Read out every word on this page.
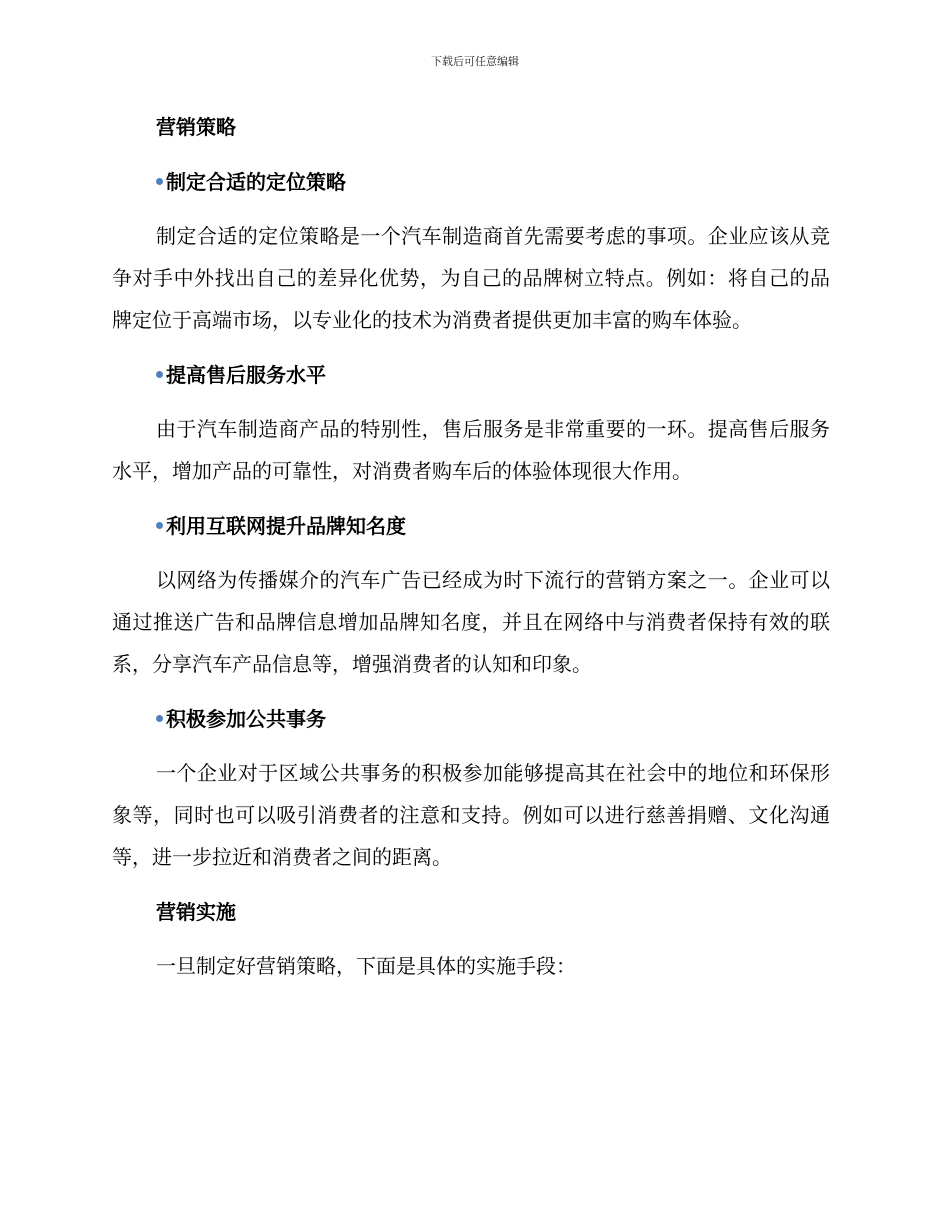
下载后可任意编辑
营销策略
制定合适的定位策略

制定合适的定位策略是一个汽车制造商首先需要考虑的事项。企业应该从竞争对手中外找出自己的差异化优势，为自己的品牌树立特点。例如：将自己的品牌定位于高端市场，以专业化的技术为消费者提供更加丰富的购车体验。

提高售后服务水平

由于汽车制造商产品的特别性，售后服务是非常重要的一环。提高售后服务水平，增加产品的可靠性，对消费者购车后的体验体现很大作用。

利用互联网提升品牌知名度

以网络为传播媒介的汽车广告已经成为时下流行的营销方案之一。企业可以通过推送广告和品牌信息增加品牌知名度，并且在网络中与消费者保持有效的联系，分享汽车产品信息等，增强消费者的认知和印象。

积极参加公共事务

一个企业对于区域公共事务的积极参加能够提高其在社会中的地位和环保形象等，同时也可以吸引消费者的注意和支持。例如可以进行慈善捐赠、文化沟通等，进一步拉近和消费者之间的距离。

营销实施

一旦制定好营销策略，下面是具体的实施手段：
